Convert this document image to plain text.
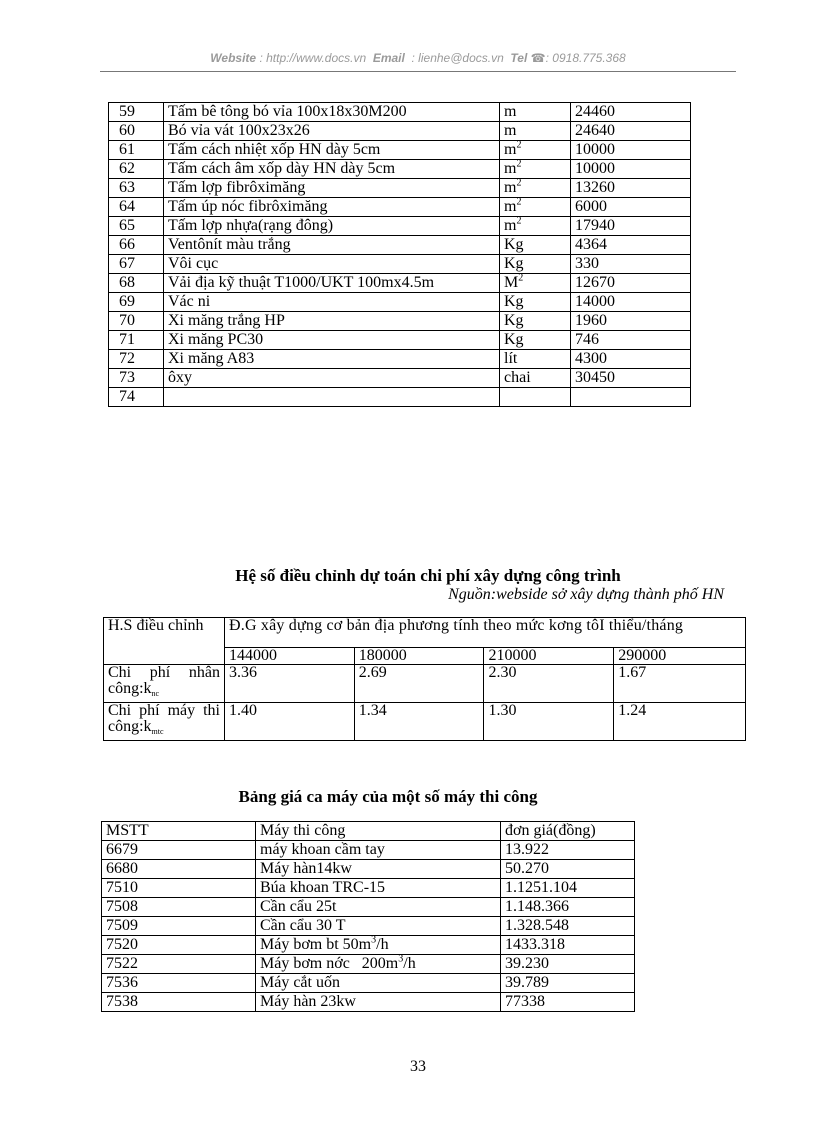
Website : http://www.docs.vn Email : lienhe@docs.vn Tel ☎: 0918.775.368
59	Tấm bê tông bó vỉa 100x18x30M200	m	24460
60	Bó vỉa vát 100x23x26	m	24640
61	Tấm cách nhiệt xốp HN dày 5cm	$m^2$	10000
62	Tấm cách âm xốp dày HN dày 5cm	$m^2$	10000
63	Tấm lợp fibrôximăng	$m^2$	13260
64	Tấm úp nóc fibrôximăng	$m^2$	6000
65	Tấm lợp nhựa(rạng đông)	$m^2$	17940
66	Ventônít màu trắng	Kg	4364
67	Vôi cục	Kg	330
68	Vải địa kỹ thuật T1000/UKT 100mx4.5m	$M^2$	12670
69	Vác ni	Kg	14000
70	Xi măng trắng HP	Kg	1960
71	Xi măng PC30	Kg	746
72	Xi măng A83	lít	4300
73	ôxy	chai	30450
74			
Hệ số điều chỉnh dự toán chi phí xây dựng công trình
Nguồn:webside sở xây dựng thành phố HN
H.S điều chỉnh	Đ.G xây dựng cơ bản địa phương tính theo mức kơng tôI thiểu/tháng			
	144000	180000	210000	290000
Chi phí nhân $công:k_{nc}$	3.36	2.69	2.30	1.67
Chi phí máy thi $công:k_{mtc}$	1.40	1.34	1.30	1.24
Bảng giá ca máy của một số máy thi công
MSTT	Máy thi công	đơn giá(đồng)
6679	máy khoan cầm tay	13.922
6680	Máy hàn14kw	50.270
7510	Búa khoan TRC-15	1.1251.104
7508	Cần cẩu 25t	1.148.366
7509	Cần cẩu 30 T	1.328.548
7520	Máy bơm bt $50m^3/h$	1433.318
7522	Máy bơm nớc   $200m^3/h$	39.230
7536	Máy cắt uốn	39.789
7538	Máy hàn 23kw	77338
33
